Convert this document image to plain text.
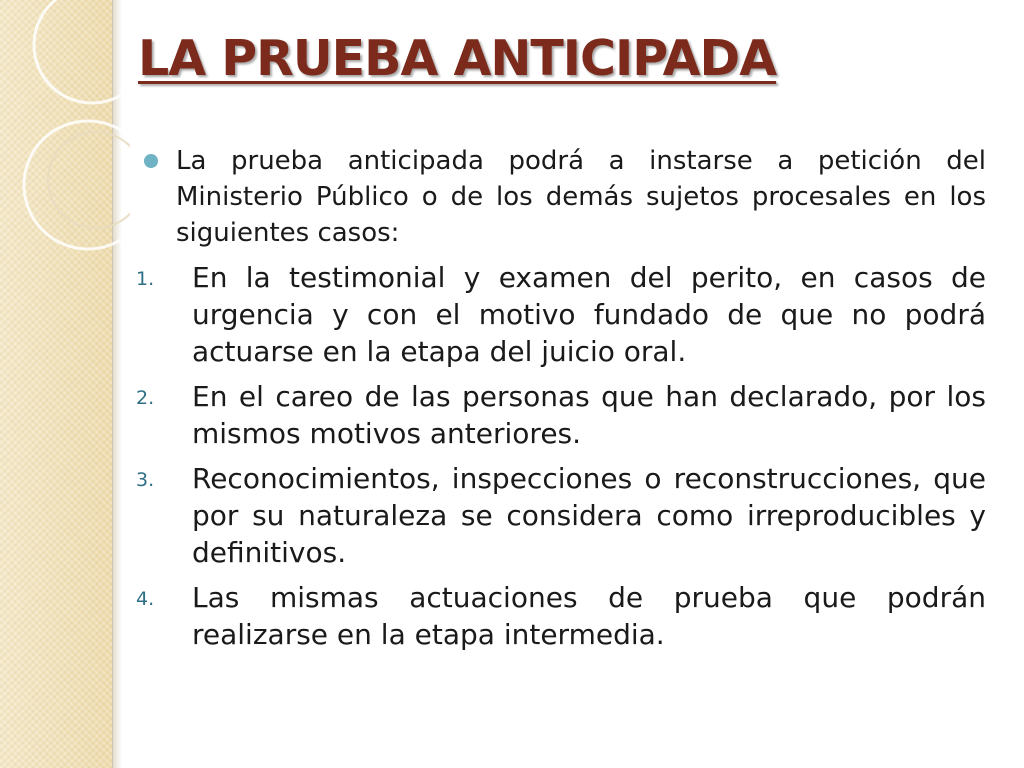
LA PRUEBA ANTICIPADA
La prueba anticipada podrá a instarse a petición del Ministerio Público o de los demás sujetos procesales en los siguientes casos:
1. En la testimonial y examen del perito, en casos de urgencia y con el motivo fundado de que no podrá actuarse en la etapa del juicio oral.
2. En el careo de las personas que han declarado, por los mismos motivos anteriores.
3. Reconocimientos, inspecciones o reconstrucciones, que por su naturaleza se considera como irreproducibles y definitivos.
4. Las mismas actuaciones de prueba que podrán realizarse en la etapa intermedia.
